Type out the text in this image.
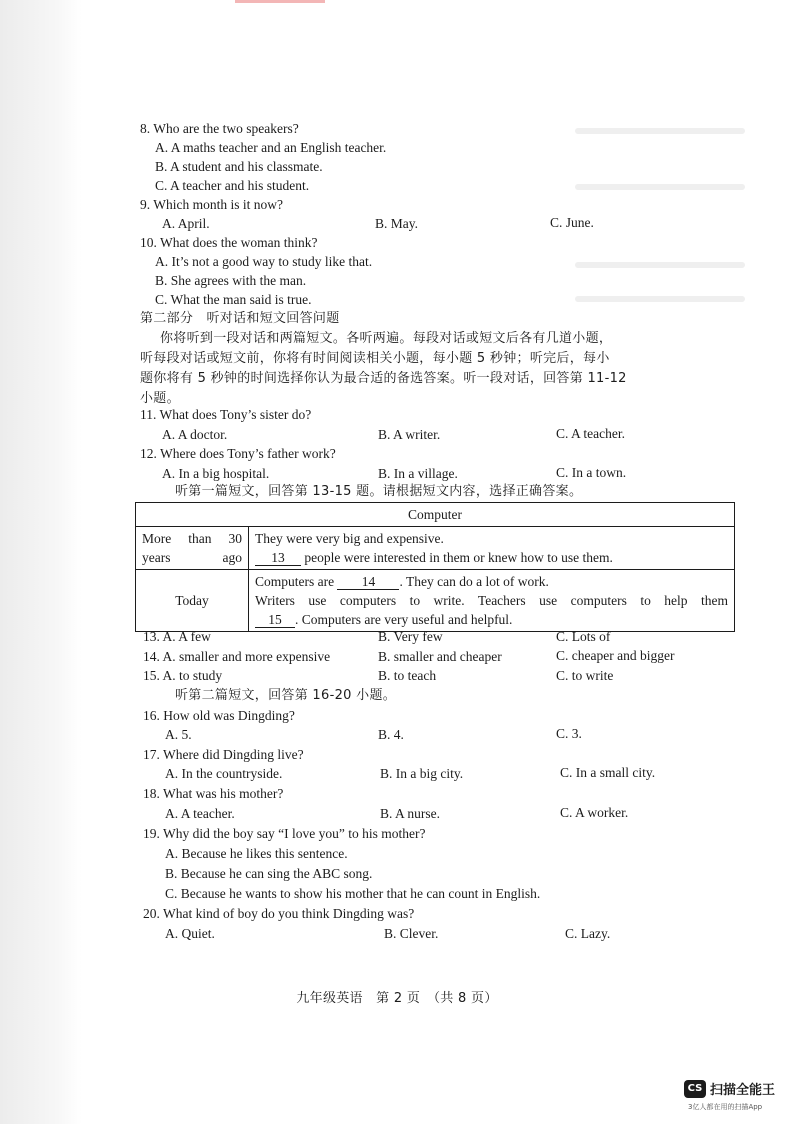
8. Who are the two speakers?
A. A maths teacher and an English teacher.
B. A student and his classmate.
C. A teacher and his student.
9. Which month is it now?
A. April.	B. May.	C. June.
10. What does the woman think?
A. It’s not a good way to study like that.
B. She agrees with the man.
C. What the man said is true.
第二部分　听对话和短文回答问题
你将听到一段对话和两篇短文。各听两遍。每段对话或短文后各有几道小题，
听每段对话或短文前，你将有时间阅读相关小题，每小题 5 秒钟；听完后，每小
题你将有 5 秒钟的时间选择你认为最合适的备选答案。听一段对话，回答第 11-12
小题。
11. What does Tony’s sister do?
A. A doctor.	B. A writer.	C. A teacher.
12. Where does Tony’s father work?
A. In a big hospital.	B. In a village.	C. In a town.
听第一篇短文，回答第 13-15 题。请根据短文内容，选择正确答案。
Computer	
More than 30 years ago	They were very big and expensive.
13 people were interested in them or knew how to use them.

Today	Computers are 14 . They can do a lot of work.
Writers use computers to write. Teachers use computers to help them
15 . Computers are very useful and helpful.
13. A. A few	B. Very few	C. Lots of
14. A. smaller and more expensive	B. smaller and cheaper	C. cheaper and bigger
15. A. to study	B. to teach	C. to write
听第二篇短文，回答第 16-20 小题。
16. How old was Dingding?
A. 5.	B. 4.	C. 3.
17. Where did Dingding live?
A. In the countryside.	B. In a big city.	C. In a small city.
18. What was his mother?
A. A teacher.	B. A nurse.	C. A worker.
19. Why did the boy say “I love you” to his mother?
A. Because he likes this sentence.
B. Because he can sing the ABC song.
C. Because he wants to show his mother that he can count in English.
20. What kind of boy do you think Dingding was?
A. Quiet.	B. Clever.	C. Lazy.
九年级英语　第 2 页　（共 8 页）
CS 扫描全能王
3亿人都在用的扫描App
